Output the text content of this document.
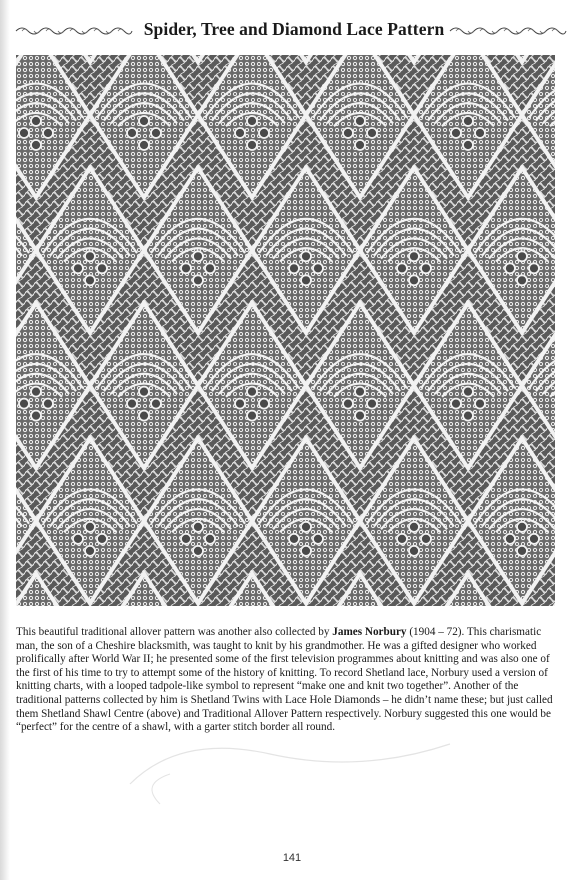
Spider, Tree and Diamond Lace Pattern
This beautiful traditional allover pattern was another also collected by James Norbury (1904 – 72). This charismatic man, the son of a Cheshire blacksmith, was taught to knit by his grandmother. He was a gifted designer who worked prolifically after World War II; he presented some of the first television programmes about knitting and was also one of the first of his time to try to attempt some of the history of knitting. To record Shetland lace, Norbury used a version of knitting charts, with a looped tadpole-like symbol to represent “make one and knit two together”. Another of the traditional patterns collected by him is Shetland Twins with Lace Hole Diamonds – he didn’t name these; but just called them Shetland Shawl Centre (above) and Traditional Allover Pattern respectively. Norbury suggested this one would be “perfect” for the centre of a shawl, with a garter stitch border all round.
141
